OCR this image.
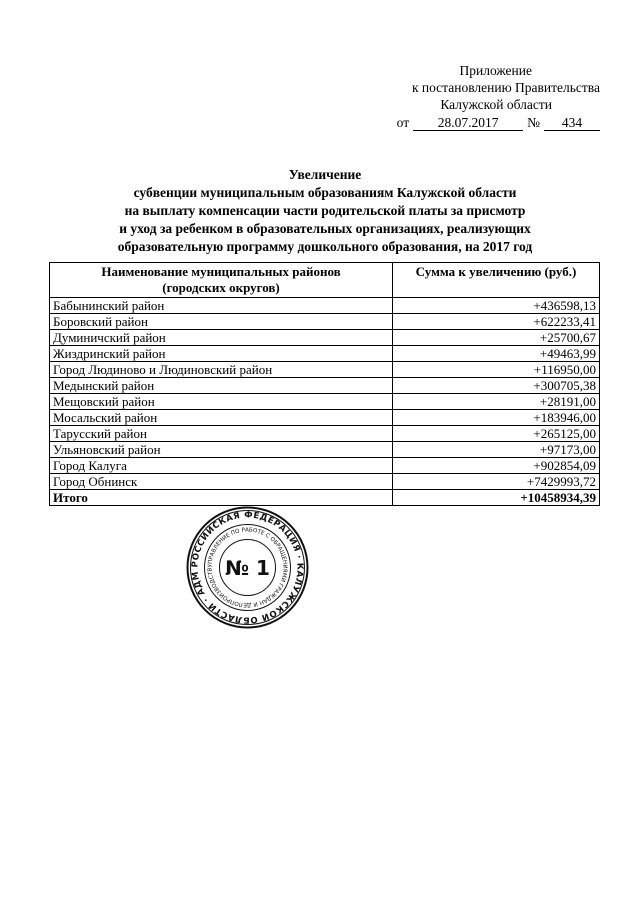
Приложение
к постановлению Правительства
Калужской области
от	28.07.2017	№	434
Увеличение
субвенции муниципальным образованиям Калужской области
на выплату компенсации части родительской платы за присмотр
и уход за ребенком в образовательных организациях, реализующих
образовательную программу дошкольного образования, на 2017 год
Наименование муниципальных районов
(городских округов)	Сумма к увеличению (руб.)
Бабынинский район	+436598,13
Боровский район	+622233,41
Думиничский район	+25700,67
Жиздринский район	+49463,99
Город Людиново и Людиновский район	+116950,00
Медынский район	+300705,38
Мещовский район	+28191,00
Мосальский район	+183946,00
Тарусский район	+265125,00
Ульяновский район	+97173,00
Город Калуга	+902854,09
Город Обнинск	+7429993,72
Итого	+10458934,39
РОССИЙСКАЯ ФЕДЕРАЦИЯ · КАЛУЖСКОЙ ОБЛАСТИ · АДМ
УПРАВЛЕНИЕ ПО РАБОТЕ С ОБРАЩЕНИЯМИ ГРАЖДАН И ДЕЛОПРОИЗВОДСТВ № 1
